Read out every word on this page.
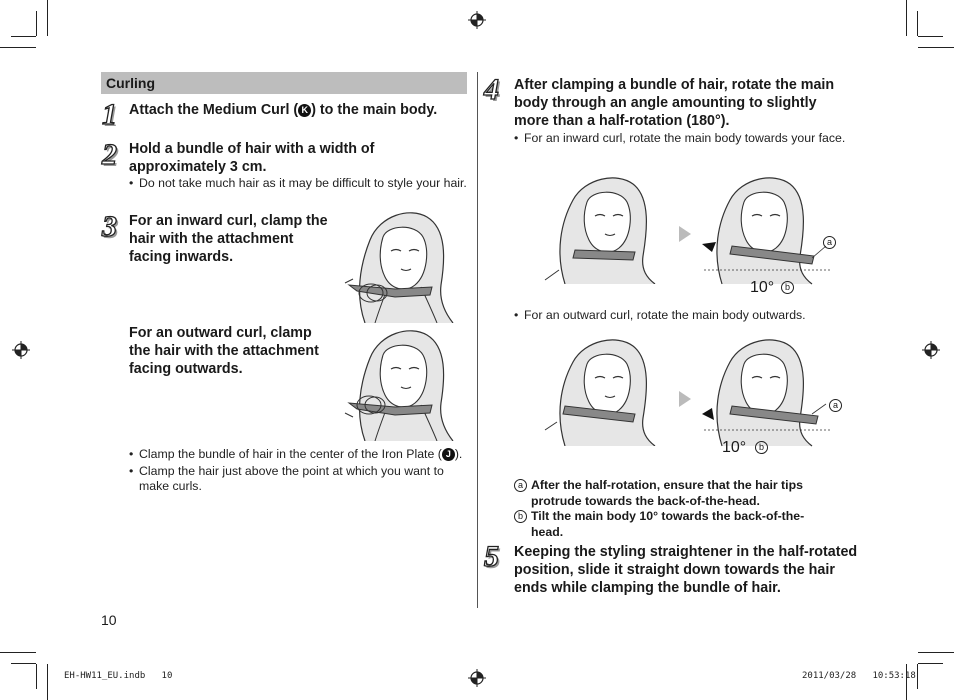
Curling
1 Attach the Medium Curl ( K ) to the main body.
2 Hold a bundle of hair with a width of approximately 3 cm.
• Do not take much hair as it may be difficult to style your hair.
3 For an inward curl, clamp the hair with the attachment facing inwards.
For an outward curl, clamp the hair with the attachment facing outwards.
• Clamp the bundle of hair in the center of the Iron Plate ( J ).
• Clamp the hair just above the point at which you want to make curls.
10
4 After clamping a bundle of hair, rotate the main body through an angle amounting to slightly more than a half-rotation (180°).
• For an inward curl, rotate the main body towards your face.
a
10°	b
• For an outward curl, rotate the main body outwards.
a
10°	b
a After the half-rotation, ensure that the hair tips protrude towards the back-of-the-head.
b Tilt the main body 10° towards the back-of-the-head.
5 Keeping the styling straightener in the half-rotated position, slide it straight down towards the hair ends while clamping the bundle of hair.
EH-HW11_EU.indb   10	2011/03/28   10:53:18
